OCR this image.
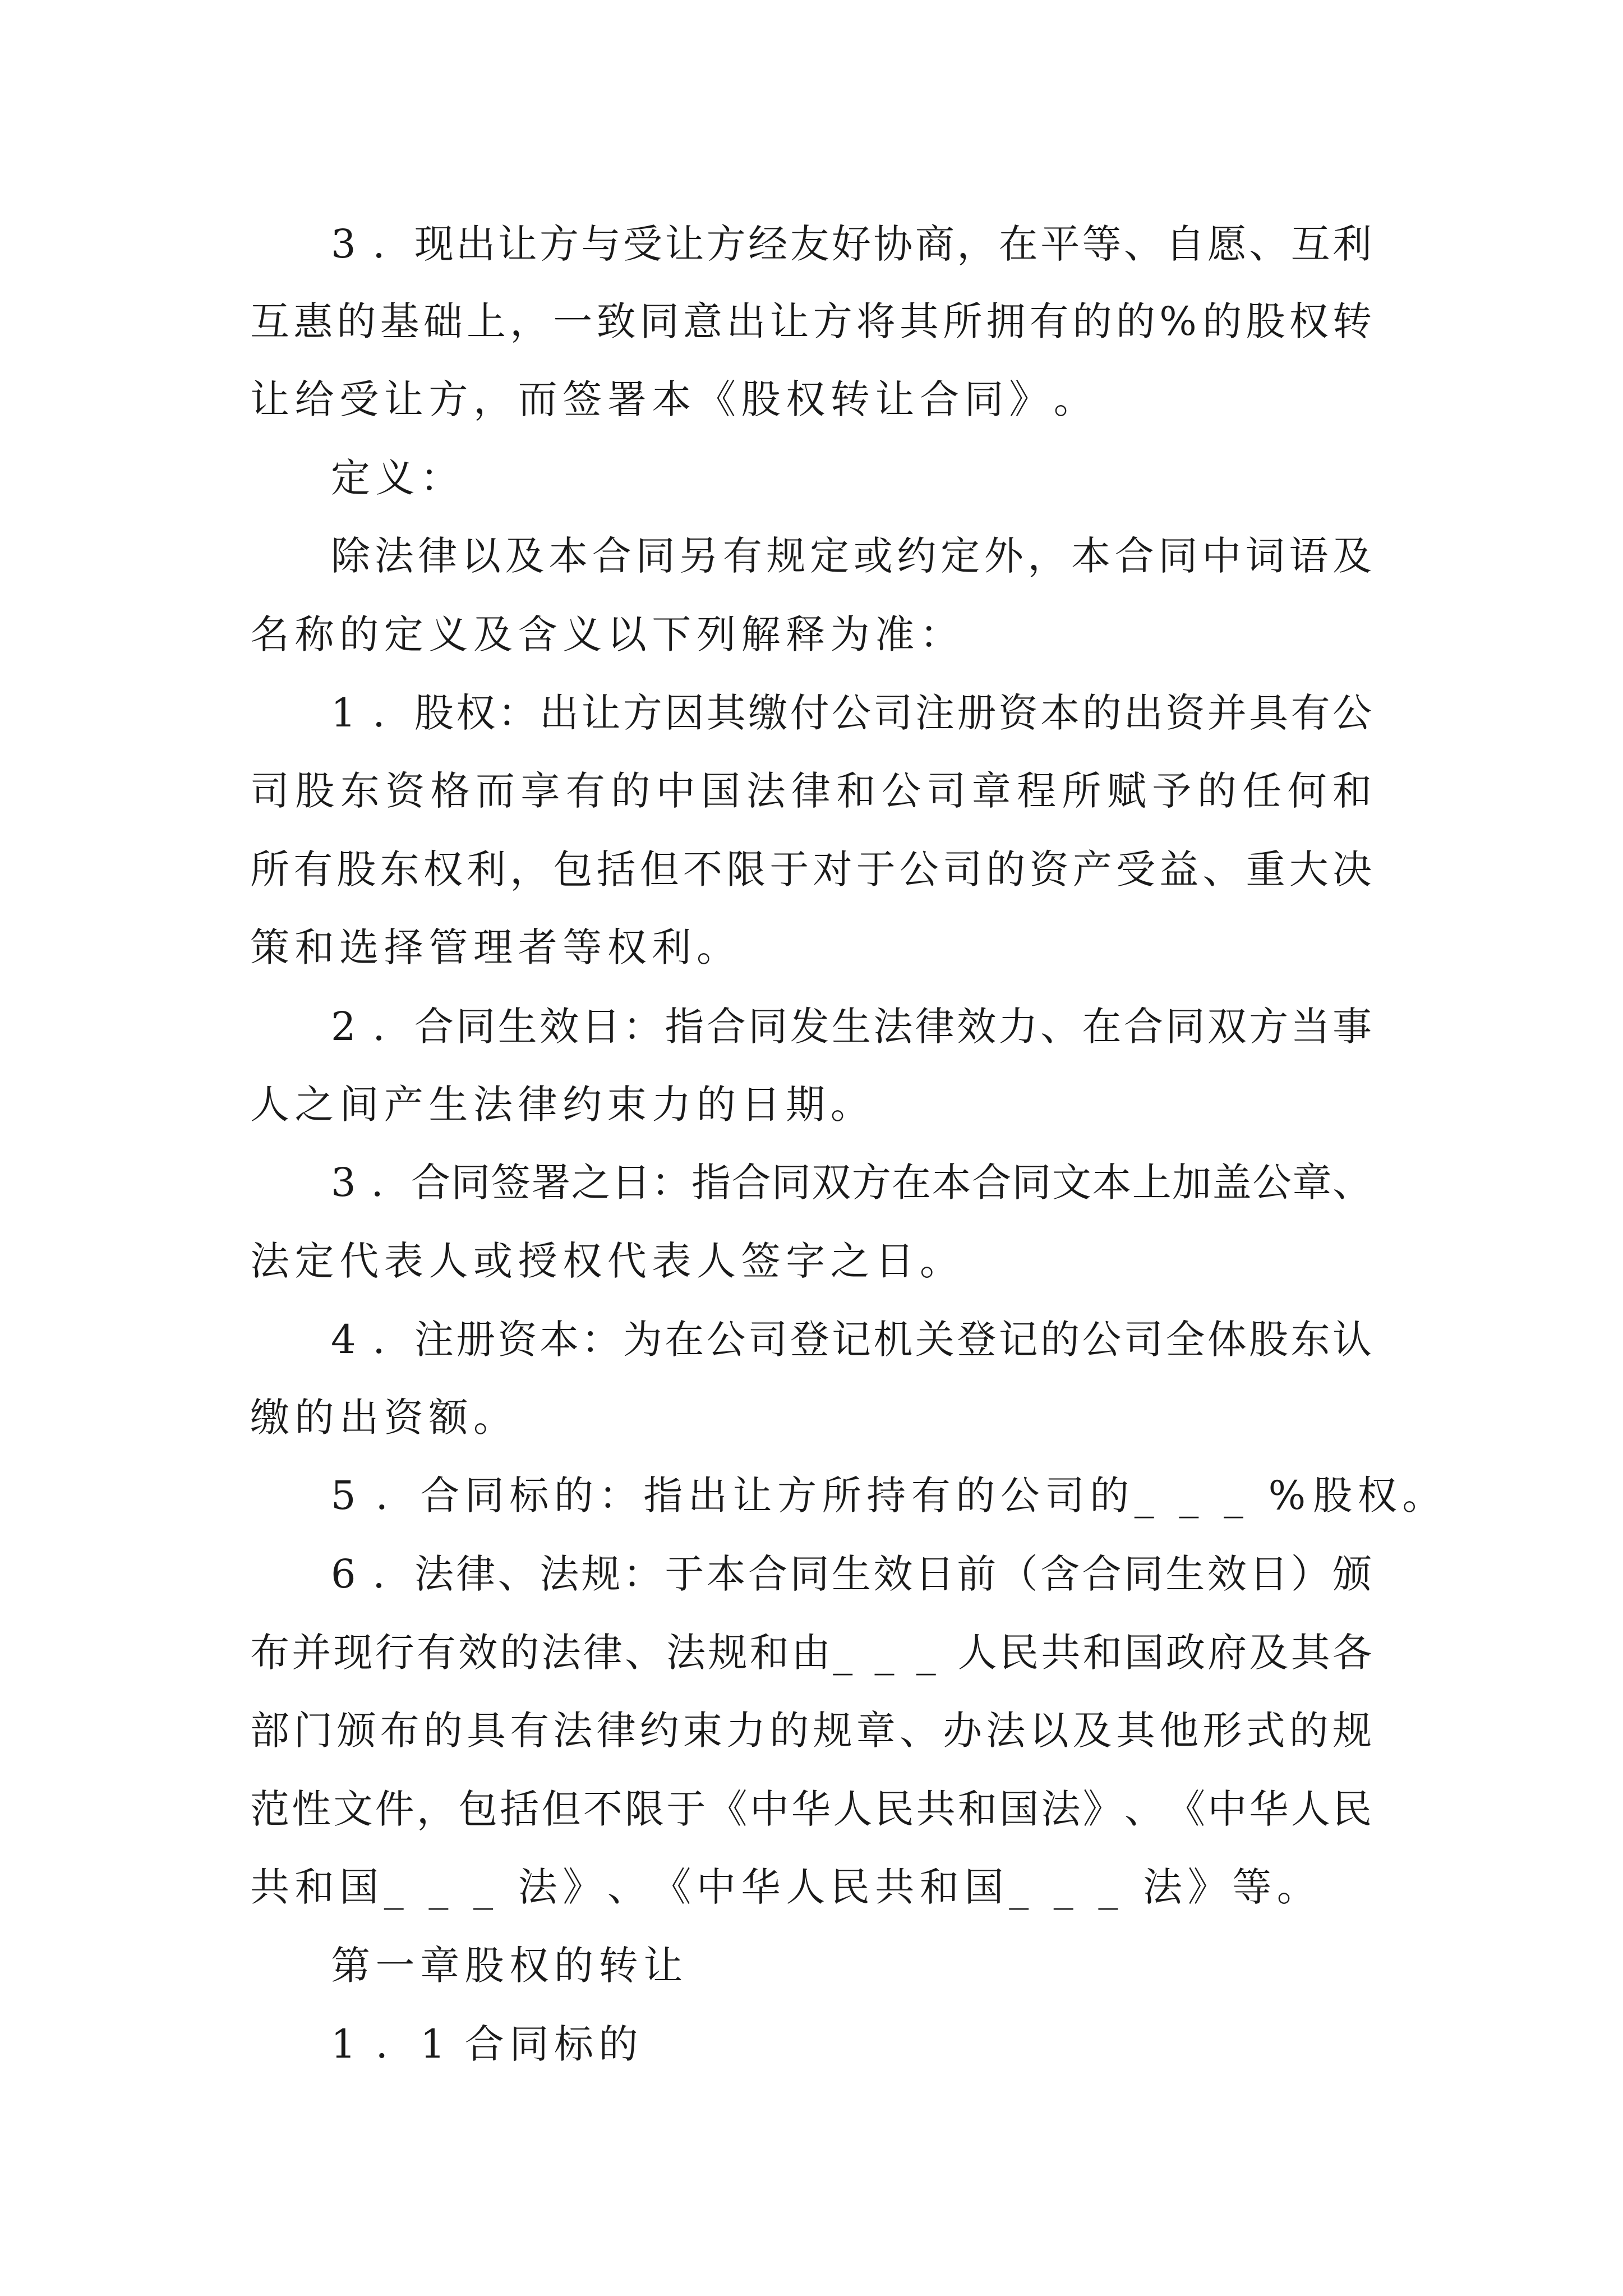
3 . 现 出 让 方 与 受 让 方 经 友 好 协 商 ， 在 平 等 、 自 愿 、 互 利

互 惠 的 基 础 上 ， 一 致 同 意 出 让 方 将 其 所 拥 有 的 的 % 的 股 权 转

让 给 受 让 方 ， 而 签 署 本 《 股 权 转 让 合 同 》 。

定 义 ：

除 法 律 以 及 本 合 同 另 有 规 定 或 约 定 外 ， 本 合 同 中 词 语 及

名 称 的 定 义 及 含 义 以 下 列 解 释 为 准 ：

1 . 股 权 ： 出 让 方 因 其 缴 付 公 司 注 册 资 本 的 出 资 并 具 有 公

司 股 东 资 格 而 享 有 的 中 国 法 律 和 公 司 章 程 所 赋 予 的 任 何 和

所 有 股 东 权 利 ， 包 括 但 不 限 于 对 于 公 司 的 资 产 受 益 、 重 大 决

策 和 选 择 管 理 者 等 权 利 。

2 . 合 同 生 效 日 ： 指 合 同 发 生 法 律 效 力 、 在 合 同 双 方 当 事

人 之 间 产 生 法 律 约 束 力 的 日 期 。

3 . 合 同 签 署 之 日 ： 指 合 同 双 方 在 本 合 同 文 本 上 加 盖 公 章 、

法 定 代 表 人 或 授 权 代 表 人 签 字 之 日 。

4 . 注 册 资 本 ： 为 在 公 司 登 记 机 关 登 记 的 公 司 全 体 股 东 认

缴 的 出 资 额 。

5 . 合 同 标 的 ： 指 出 让 方 所 持 有 的 公 司 的 _ _ _ % 股 权 。

6 . 法 律 、 法 规 ： 于 本 合 同 生 效 日 前 （ 含 合 同 生 效 日 ） 颁

布 并 现 行 有 效 的 法 律 、 法 规 和 由 _ _ _ 人 民 共 和 国 政 府 及 其 各

部 门 颁 布 的 具 有 法 律 约 束 力 的 规 章 、 办 法 以 及 其 他 形 式 的 规

范 性 文 件 ， 包 括 但 不 限 于 《 中 华 人 民 共 和 国 法 》 、 《 中 华 人 民

共 和 国 _ _ _ 法 》 、 《 中 华 人 民 共 和 国 _ _ _ 法 》 等 。

第 一 章 股 权 的 转 让

1 . 1 合 同 标 的
